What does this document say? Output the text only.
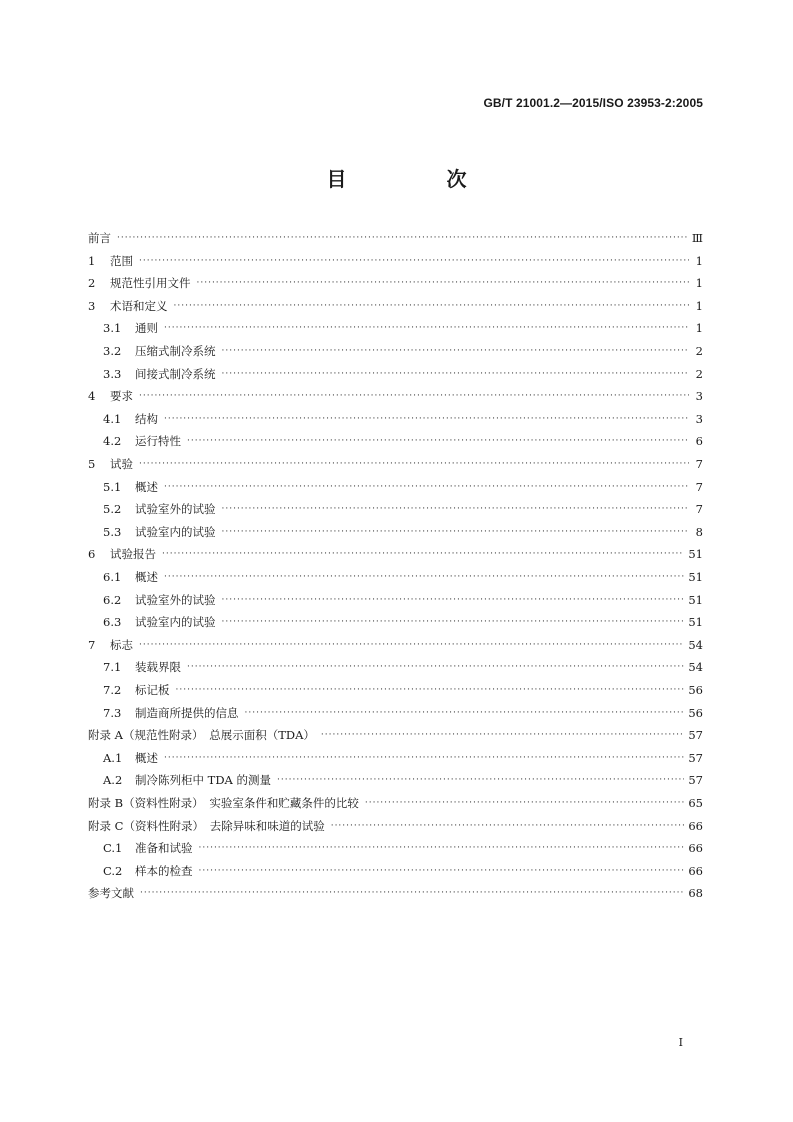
GB/T 21001.2—2015/ISO 23953-2:2005
目　次
前言 ·····	Ⅲ
1	范围 ·····	1
2	规范性引用文件 ·····	1
3	术语和定义 ·····	1
3.1	通则 ·····	1
3.2	压缩式制冷系统 ·····	2
3.3	间接式制冷系统 ·····	2
4	要求 ·····	3
4.1	结构 ·····	3
4.2	运行特性 ·····	6
5	试验 ·····	7
5.1	概述 ·····	7
5.2	试验室外的试验 ·····	7
5.3	试验室内的试验 ·····	8
6	试验报告 ·····	51
6.1	概述 ·····	51
6.2	试验室外的试验 ·····	51
6.3	试验室内的试验 ·····	51
7	标志 ·····	54
7.1	装载界限 ·····	54
7.2	标记板 ·····	56
7.3	制造商所提供的信息 ·····	56
附录 A（规范性附录）　总展示面积（TDA） ·····	57
A.1	概述 ·····	57
A.2	制冷陈列柜中 TDA 的测量 ·····	57
附录 B（资料性附录）　实验室条件和贮藏条件的比较 ·····	65
附录 C（资料性附录）　去除异味和味道的试验 ·····	66
C.1	准备和试验 ·····	66
C.2	样本的检查 ·····	66
参考文献 ·····	68
I
